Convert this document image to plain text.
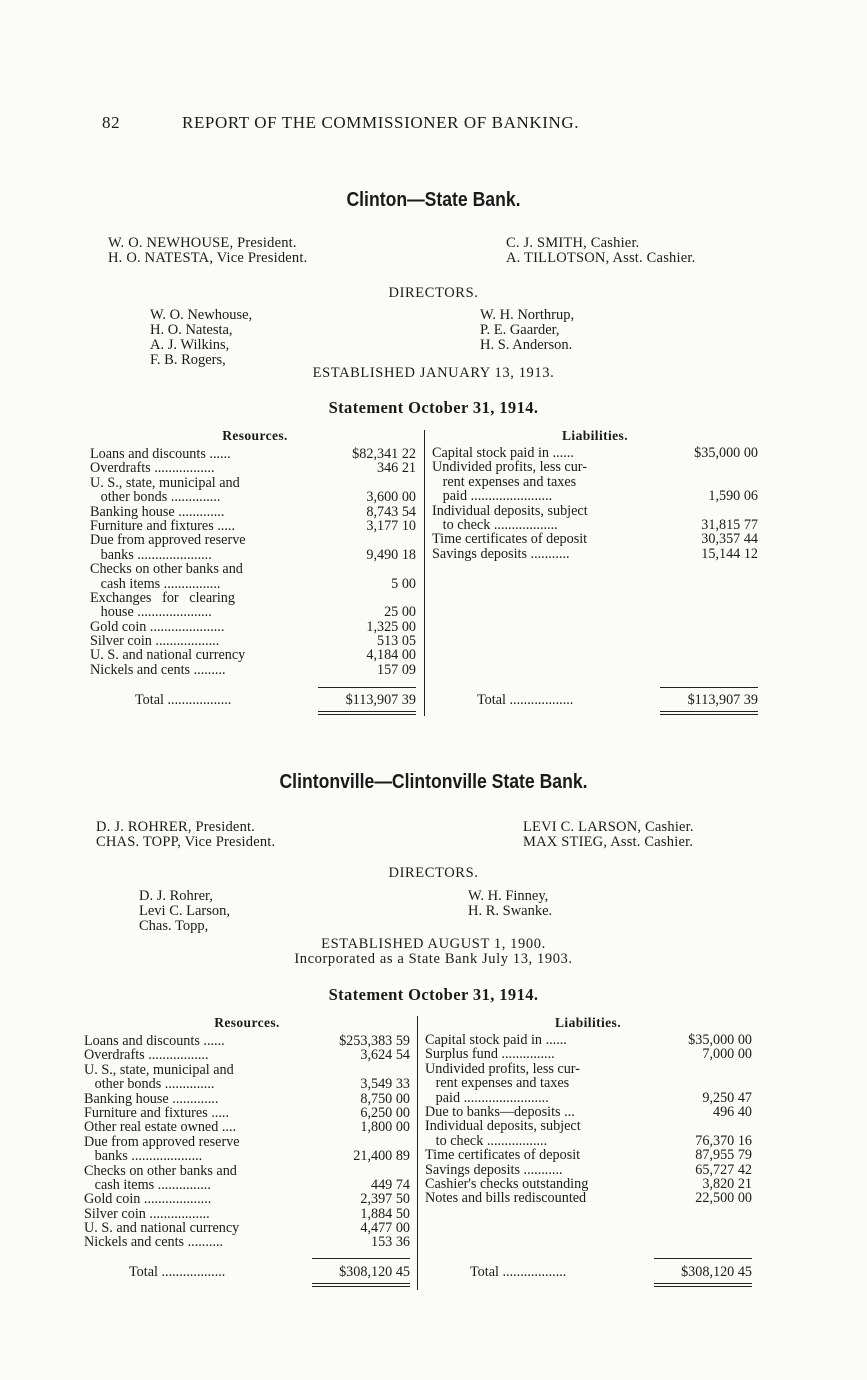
82	REPORT OF THE COMMISSIONER OF BANKING.
Clinton—State Bank.
W. O. NEWHOUSE, President.
H. O. NATESTA, Vice President.
C. J. SMITH, Cashier.
A. TILLOTSON, Asst. Cashier.
DIRECTORS.
W. O. Newhouse,
H. O. Natesta,
A. J. Wilkins,
F. B. Rogers,
W. H. Northrup,
P. E. Gaarder,
H. S. Anderson.
ESTABLISHED JANUARY 13, 1913.
Statement October 31, 1914.
Resources.	Liabilities.
Loans and discounts ......	$82,341 22
Overdrafts .................	346 21
U. S., state, municipal and
other bonds ..............	3,600 00
Banking house .............	8,743 54
Furniture and fixtures .....	3,177 10
Due from approved reserve
banks .....................	9,490 18
Checks on other banks and
cash items ................	5 00
Exchanges   for   clearing
house .....................	25 00
Gold coin .....................	1,325 00
Silver coin ..................	513 05
U. S. and national currency	4,184 00
Nickels and cents .........	157 09
Capital stock paid in ......	$35,000 00
Undivided profits, less cur-
rent expenses and taxes
paid .......................	1,590 06
Individual deposits, subject
to check ..................	31,815 77
Time certificates of deposit	30,357 44
Savings deposits ...........	15,144 12
Total ..................	$113,907 39	Total ..................	$113,907 39
Clintonville—Clintonville State Bank.
D. J. ROHRER, President.
CHAS. TOPP, Vice President.
LEVI C. LARSON, Cashier.
MAX STIEG, Asst. Cashier.
DIRECTORS.
D. J. Rohrer,
Levi C. Larson,
Chas. Topp,
W. H. Finney,
H. R. Swanke.
ESTABLISHED AUGUST 1, 1900.
Incorporated as a State Bank July 13, 1903.
Statement October 31, 1914.
Resources.	Liabilities.
Loans and discounts ......	$253,383 59
Overdrafts .................	3,624 54
U. S., state, municipal and
other bonds ..............	3,549 33
Banking house .............	8,750 00
Furniture and fixtures .....	6,250 00
Other real estate owned ....	1,800 00
Due from approved reserve
banks ....................	21,400 89
Checks on other banks and
cash items ...............	449 74
Gold coin ...................	2,397 50
Silver coin .................	1,884 50
U. S. and national currency	4,477 00
Nickels and cents ..........	153 36
Capital stock paid in ......	$35,000 00
Surplus fund ...............	7,000 00
Undivided profits, less cur-
rent expenses and taxes
paid ........................	9,250 47
Due to banks—deposits ...	496 40
Individual deposits, subject
to check .................	76,370 16
Time certificates of deposit	87,955 79
Savings deposits ...........	65,727 42
Cashier's checks outstanding	3,820 21
Notes and bills rediscounted	22,500 00
Total ..................	$308,120 45	Total ..................	$308,120 45
